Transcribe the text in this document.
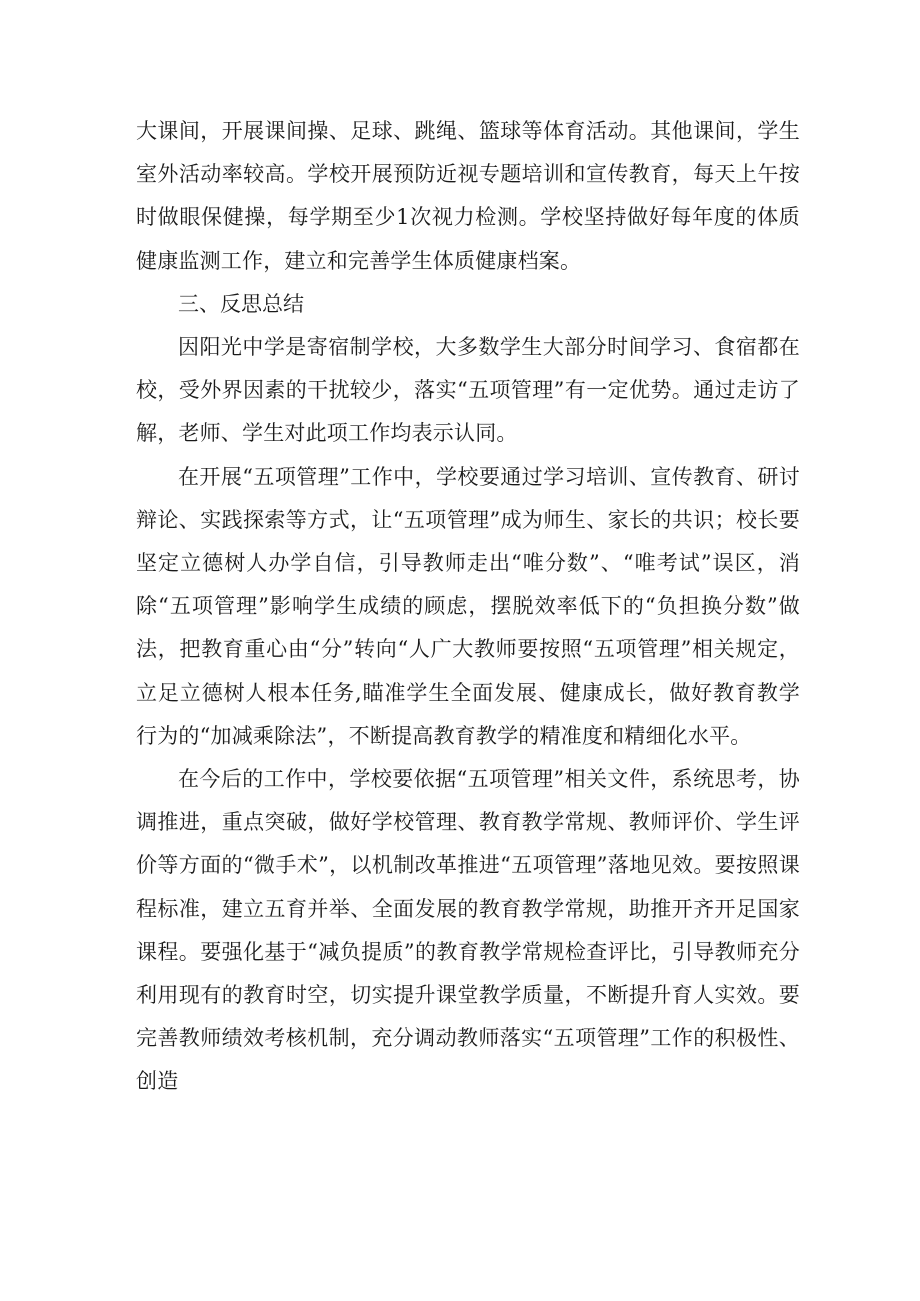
大课间，开展课间操、足球、跳绳、篮球等体育活动。其他课间，学生室外活动率较高。学校开展预防近视专题培训和宣传教育，每天上午按时做眼保健操，每学期至少1次视力检测。学校坚持做好每年度的体质健康监测工作，建立和完善学生体质健康档案。

三、反思总结

因阳光中学是寄宿制学校，大多数学生大部分时间学习、食宿都在校，受外界因素的干扰较少，落实“五项管理”有一定优势。通过走访了解，老师、学生对此项工作均表示认同。

在开展“五项管理”工作中，学校要通过学习培训、宣传教育、研讨辩论、实践探索等方式，让“五项管理”成为师生、家长的共识；校长要坚定立德树人办学自信，引导教师走出“唯分数”、“唯考试”误区，消除“五项管理”影响学生成绩的顾虑，摆脱效率低下的“负担换分数”做法，把教育重心由“分”转向“人广大教师要按照“五项管理”相关规定，立足立德树人根本任务,瞄准学生全面发展、健康成长，做好教育教学行为的“加减乘除法”，不断提高教育教学的精准度和精细化水平。

在今后的工作中，学校要依据“五项管理”相关文件，系统思考，协调推进，重点突破，做好学校管理、教育教学常规、教师评价、学生评价等方面的“微手术”，以机制改革推进“五项管理”落地见效。要按照课程标准，建立五育并举、全面发展的教育教学常规，助推开齐开足国家课程。要强化基于“减负提质”的教育教学常规检查评比，引导教师充分利用现有的教育时空，切实提升课堂教学质量，不断提升育人实效。要完善教师绩效考核机制，充分调动教师落实“五项管理”工作的积极性、创造
